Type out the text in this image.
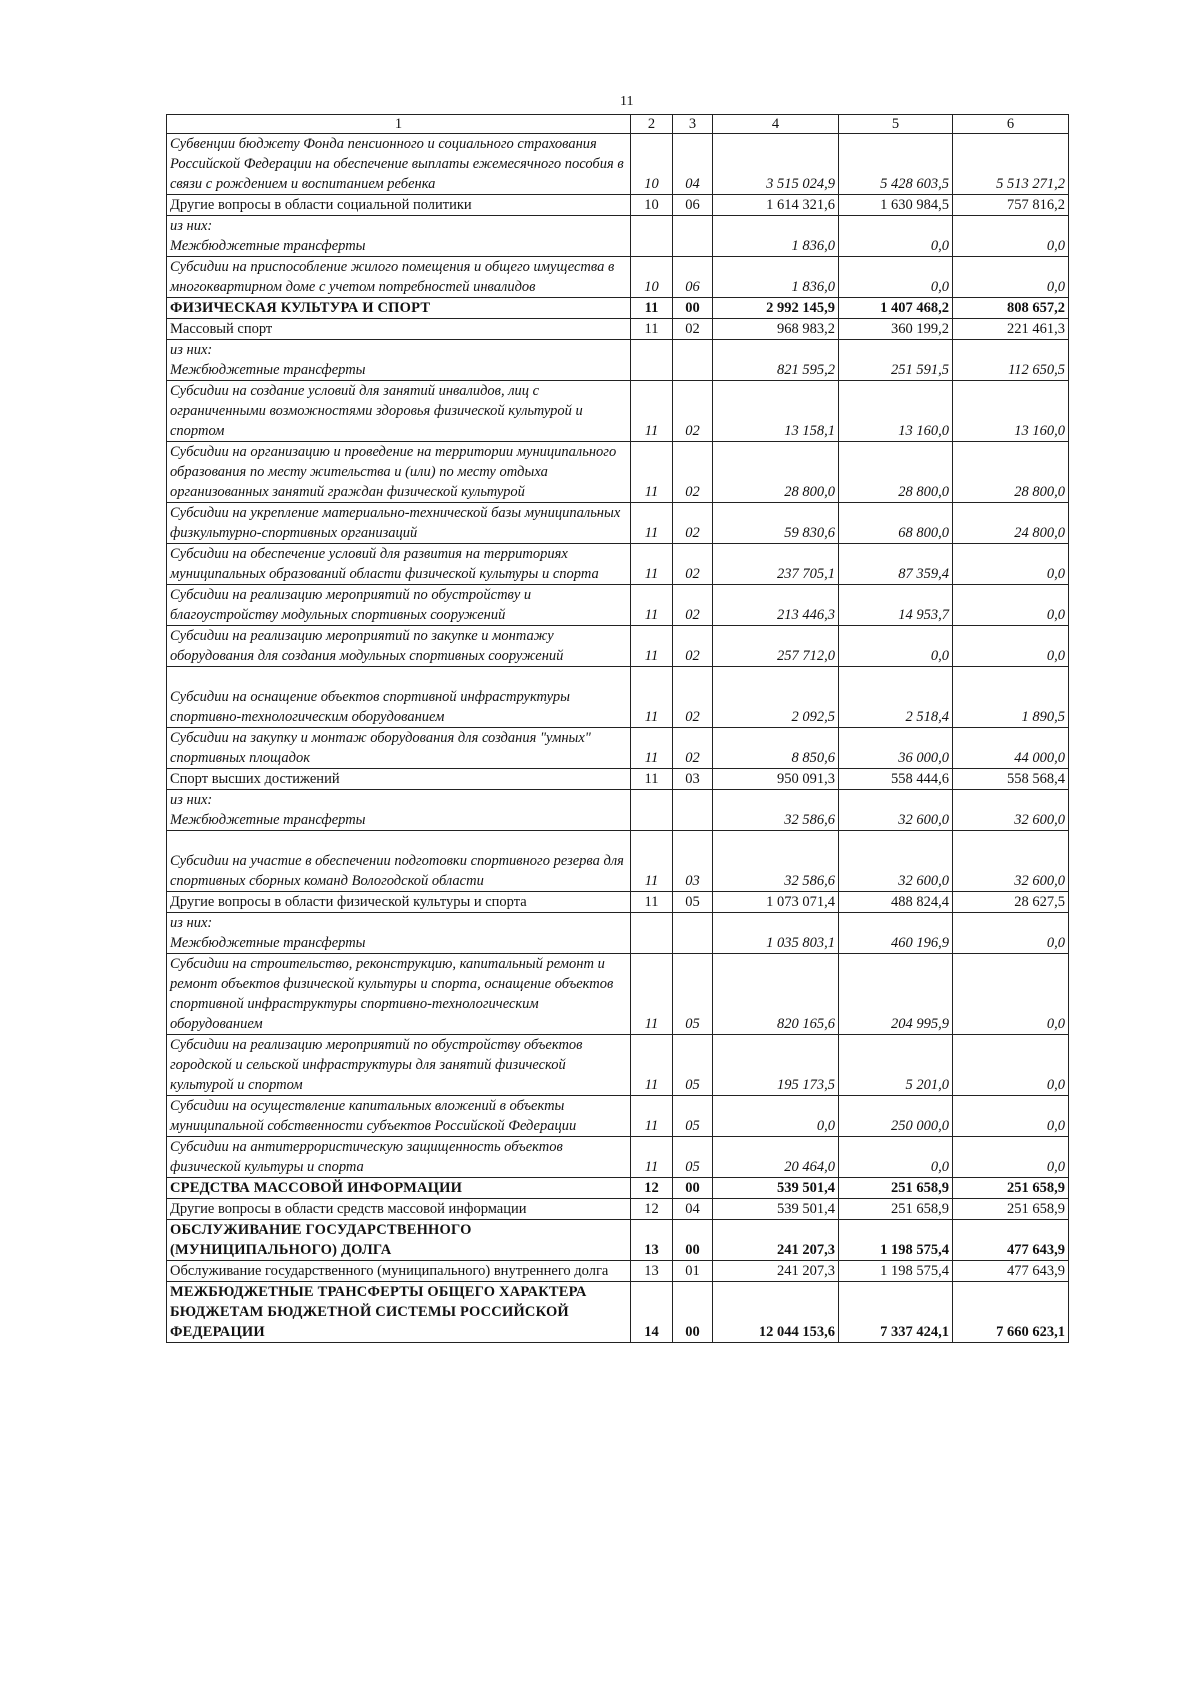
11
1	2	3	4	5	6
Субвенции бюджету Фонда пенсионного и социального страхования Российской Федерации на обеспечение выплаты ежемесячного пособия в связи с рождением и воспитанием ребенка	10	04	3 515 024,9	5 428 603,5	5 513 271,2
Другие вопросы в области социальной политики	10	06	1 614 321,6	1 630 984,5	757 816,2
из них:
Межбюджетные трансферты			1 836,0	0,0	0,0
Субсидии на приспособление жилого помещения и общего имущества в многоквартирном доме с учетом потребностей инвалидов	10	06	1 836,0	0,0	0,0
ФИЗИЧЕСКАЯ КУЛЬТУРА И СПОРТ	11	00	2 992 145,9	1 407 468,2	808 657,2
Массовый спорт	11	02	968 983,2	360 199,2	221 461,3
из них:
Межбюджетные трансферты			821 595,2	251 591,5	112 650,5
Субсидии на создание условий для занятий инвалидов, лиц с ограниченными возможностями здоровья физической культурой и спортом	11	02	13 158,1	13 160,0	13 160,0
Субсидии на организацию и проведение на территории муниципального образования по месту жительства и (или) по месту отдыха организованных занятий граждан физической культурой	11	02	28 800,0	28 800,0	28 800,0
Субсидии на укрепление материально-технической базы муниципальных физкультурно-спортивных организаций	11	02	59 830,6	68 800,0	24 800,0
Субсидии на обеспечение условий для развития на территориях муниципальных образований области физической культуры и спорта	11	02	237 705,1	87 359,4	0,0
Субсидии на реализацию мероприятий по обустройству и благоустройству модульных спортивных сооружений	11	02	213 446,3	14 953,7	0,0
Субсидии на реализацию мероприятий по закупке и монтажу оборудования для создания модульных спортивных сооружений	11	02	257 712,0	0,0	0,0
Субсидии на оснащение объектов спортивной инфраструктуры спортивно-технологическим оборудованием	11	02	2 092,5	2 518,4	1 890,5
Субсидии на закупку и монтаж оборудования для создания "умных" спортивных площадок	11	02	8 850,6	36 000,0	44 000,0
Спорт высших достижений	11	03	950 091,3	558 444,6	558 568,4
из них:
Межбюджетные трансферты			32 586,6	32 600,0	32 600,0
Субсидии на участие в обеспечении подготовки спортивного резерва для спортивных сборных команд Вологодской области	11	03	32 586,6	32 600,0	32 600,0
Другие вопросы в области физической культуры и спорта	11	05	1 073 071,4	488 824,4	28 627,5
из них:
Межбюджетные трансферты			1 035 803,1	460 196,9	0,0
Субсидии на строительство, реконструкцию, капитальный ремонт и ремонт объектов физической культуры и спорта, оснащение объектов спортивной инфраструктуры спортивно-технологическим оборудованием	11	05	820 165,6	204 995,9	0,0
Субсидии на реализацию мероприятий по обустройству объектов городской и сельской инфраструктуры для занятий физической культурой и спортом	11	05	195 173,5	5 201,0	0,0
Субсидии на осуществление капитальных вложений в объекты муниципальной собственности субъектов Российской Федерации	11	05	0,0	250 000,0	0,0
Субсидии на антитеррористическую защищенность объектов физической культуры и спорта	11	05	20 464,0	0,0	0,0
СРЕДСТВА МАССОВОЙ ИНФОРМАЦИИ	12	00	539 501,4	251 658,9	251 658,9
Другие вопросы в области средств массовой информации	12	04	539 501,4	251 658,9	251 658,9
ОБСЛУЖИВАНИЕ ГОСУДАРСТВЕННОГО (МУНИЦИПАЛЬНОГО) ДОЛГА	13	00	241 207,3	1 198 575,4	477 643,9
Обслуживание государственного (муниципального) внутреннего долга	13	01	241 207,3	1 198 575,4	477 643,9
МЕЖБЮДЖЕТНЫЕ ТРАНСФЕРТЫ ОБЩЕГО ХАРАКТЕРА БЮДЖЕТАМ БЮДЖЕТНОЙ СИСТЕМЫ РОССИЙСКОЙ ФЕДЕРАЦИИ	14	00	12 044 153,6	7 337 424,1	7 660 623,1
